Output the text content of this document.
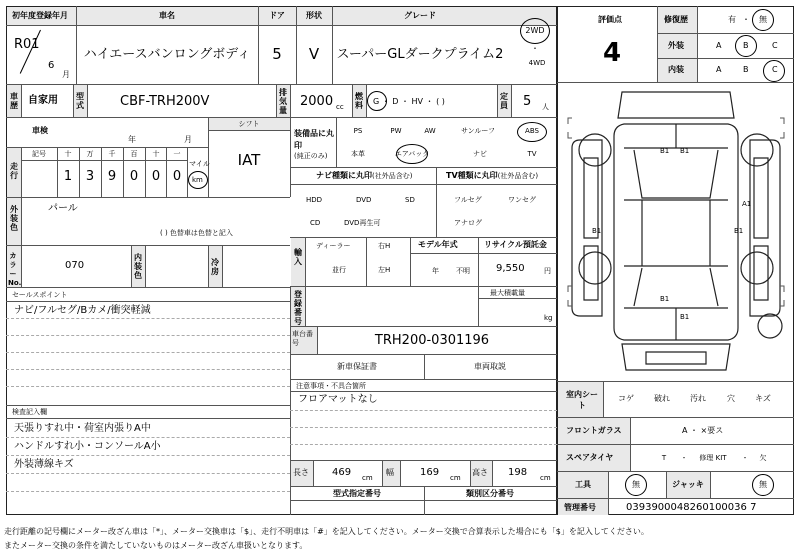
初年度登録年月
R01
6
月
車名
ハイエースバンロングボディ
ドア
5
形状
V
グレード
スーパーGLダークプライム2
2WD
・
4WD
車歴 自家用 型式	CBF-TRH200V
排気量
2000 cc
燃料 G ・ D ・ HV ・ ( )
定員 5 人
車検
年	月
シフト
IAT
走行
記号	十 万 千 百 十 一
1 3 9 0 0 0
マイル
km
装備品に丸印
(純正のみ)
PS	PW	AW	サンルーフ	ABS
本革	エアバック	ナビ	TV
ナビ種類に丸印(社外品含む)	TV種類に丸印(社外品含む)
HDD	DVD	SD
CD	DVD再生可
フルセグ	ワンセグ
アナログ
外装色
パール
( ) 色替車は色替と記入
輸入
ディーラー
並行
右H
左H
モデル年式
年 不明
リサイクル預託金
9,550	円
カラーNo.
070
内装色
冷房
セールスポイント
ナビ/フルセグ/Bカメ/衝突軽減
検査記入欄
天張りすれ中・荷室内張りA中
ハンドルすれ小・コンソールA小
外装薄線キズ
登録番号
最大積載量
kg
車台番号	TRH200-0301196
新車保証書	車両取説
注意事項・不具合箇所
フロアマットなし
長さ 469 cm
幅	169 cm
高さ 198 cm
型式指定番号	類別区分番号
評価点
4
修復歴	有 ・ 無
外装	A	B	C
内装	A	B	C
B1 B1
A1
B1	B1
B1
B1
室内シート
コゲ	破れ	汚れ	穴	キズ
フロントガラス	A ・ ×要ス
スペアタイヤ	T ・ 修理 KIT ・ 欠
工具	無	ジャッキ	無
管理番号	0393900048260100036 7
走行距離の記号欄にメーター改ざん車は「*」、メーター交換車は「$」、走行不明車は「#」を記入してください。メーター交換で合算表示した場合にも「$」を記入してください。
またメーター交換の条件を満たしていないものはメーター改ざん車扱いとなります。
